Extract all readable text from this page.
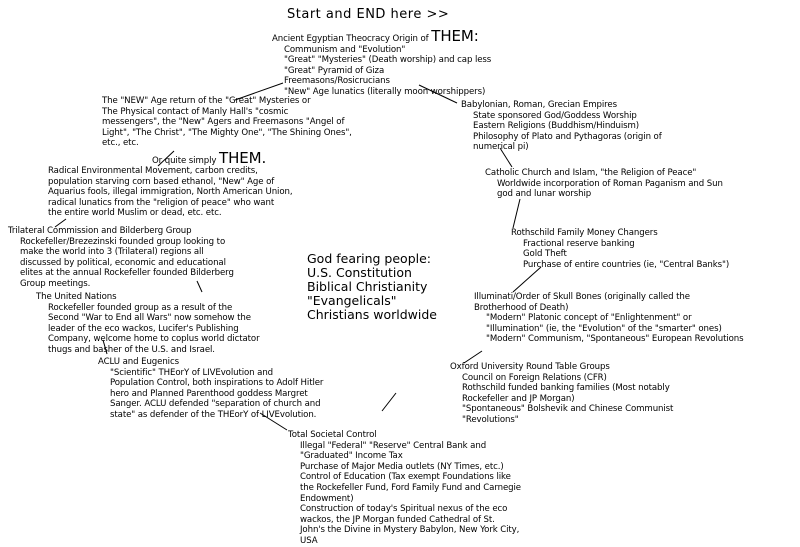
Start and END here >>
Ancient Egyptian Theocracy Origin of THEM:
Communism and "Evolution"
"Great" "Mysteries" (Death worship) and cap less
"Great" Pyramid of Giza
Freemasons/Rosicrucians
"New" Age lunatics (literally moon worshippers)
The "NEW" Age return of the "Great" Mysteries or
The Physical contact of Manly Hall's "cosmic
messengers", the "New" Agers and Freemasons "Angel of
Light", "The Christ", "The Mighty One", "The Shining Ones",
etc., etc.
Or quite simply THEM.
Babylonian, Roman, Grecian Empires
State sponsored God/Goddess Worship
Eastern Religions (Buddhism/Hinduism)
Philosophy of Plato and Pythagoras (origin of
numerical pi)
Catholic Church and Islam, "the Religion of Peace"
Worldwide incorporation of Roman Paganism and Sun
god and lunar worship
Radical Environmental Movement, carbon credits,
population starving corn based ethanol, "New" Age of
Aquarius fools, illegal immigration, North American Union,
radical lunatics from the "religion of peace" who want
the entire world Muslim or dead, etc. etc.
Trilateral Commission and Bilderberg Group
Rockefeller/Brezezinski founded group looking to
make the world into 3 (Trilateral) regions all
discussed by political, economic and educational
elites at the annual Rockefeller founded Bilderberg
Group meetings.
God fearing people:
U.S. Constitution
Biblical Christianity
"Evangelicals"
Christians worldwide
Rothschild Family Money Changers
Fractional reserve banking
Gold Theft
Purchase of entire countries (ie, "Central Banks")
The United Nations
Rockefeller founded group as a result of the
Second "War to End all Wars" now somehow the
leader of the eco wackos, Lucifer's Publishing
Company, welcome home to coplus world dictator
thugs and basher of the U.S. and Israel.
Illuminati/Order of Skull Bones (originally called the
Brotherhood of Death)
"Modern" Platonic concept of "Enlightenment" or
"Illumination" (ie, the "Evolution" of the "smarter" ones)
"Modern" Communism, "Spontaneous" European Revolutions
ACLU and Eugenics
"Scientific" THEorY of LIVEvolution and
Population Control, both inspirations to Adolf Hitler
hero and Planned Parenthood goddess Margret
Sanger. ACLU defended "separation of church and
state" as defender of the THEorY of LIVEvolution.
Oxford University Round Table Groups
Council on Foreign Relations (CFR)
Rothschild funded banking families (Most notably
Rockefeller and JP Morgan)
"Spontaneous" Bolshevik and Chinese Communist
"Revolutions"
Total Societal Control
Illegal "Federal" "Reserve" Central Bank and
"Graduated" Income Tax
Purchase of Major Media outlets (NY Times, etc.)
Control of Education (Tax exempt Foundations like
the Rockefeller Fund, Ford Family Fund and Carnegie
Endowment)
Construction of today's Spiritual nexus of the eco
wackos, the JP Morgan funded Cathedral of St.
John's the Divine in Mystery Babylon, New York City,
USA
